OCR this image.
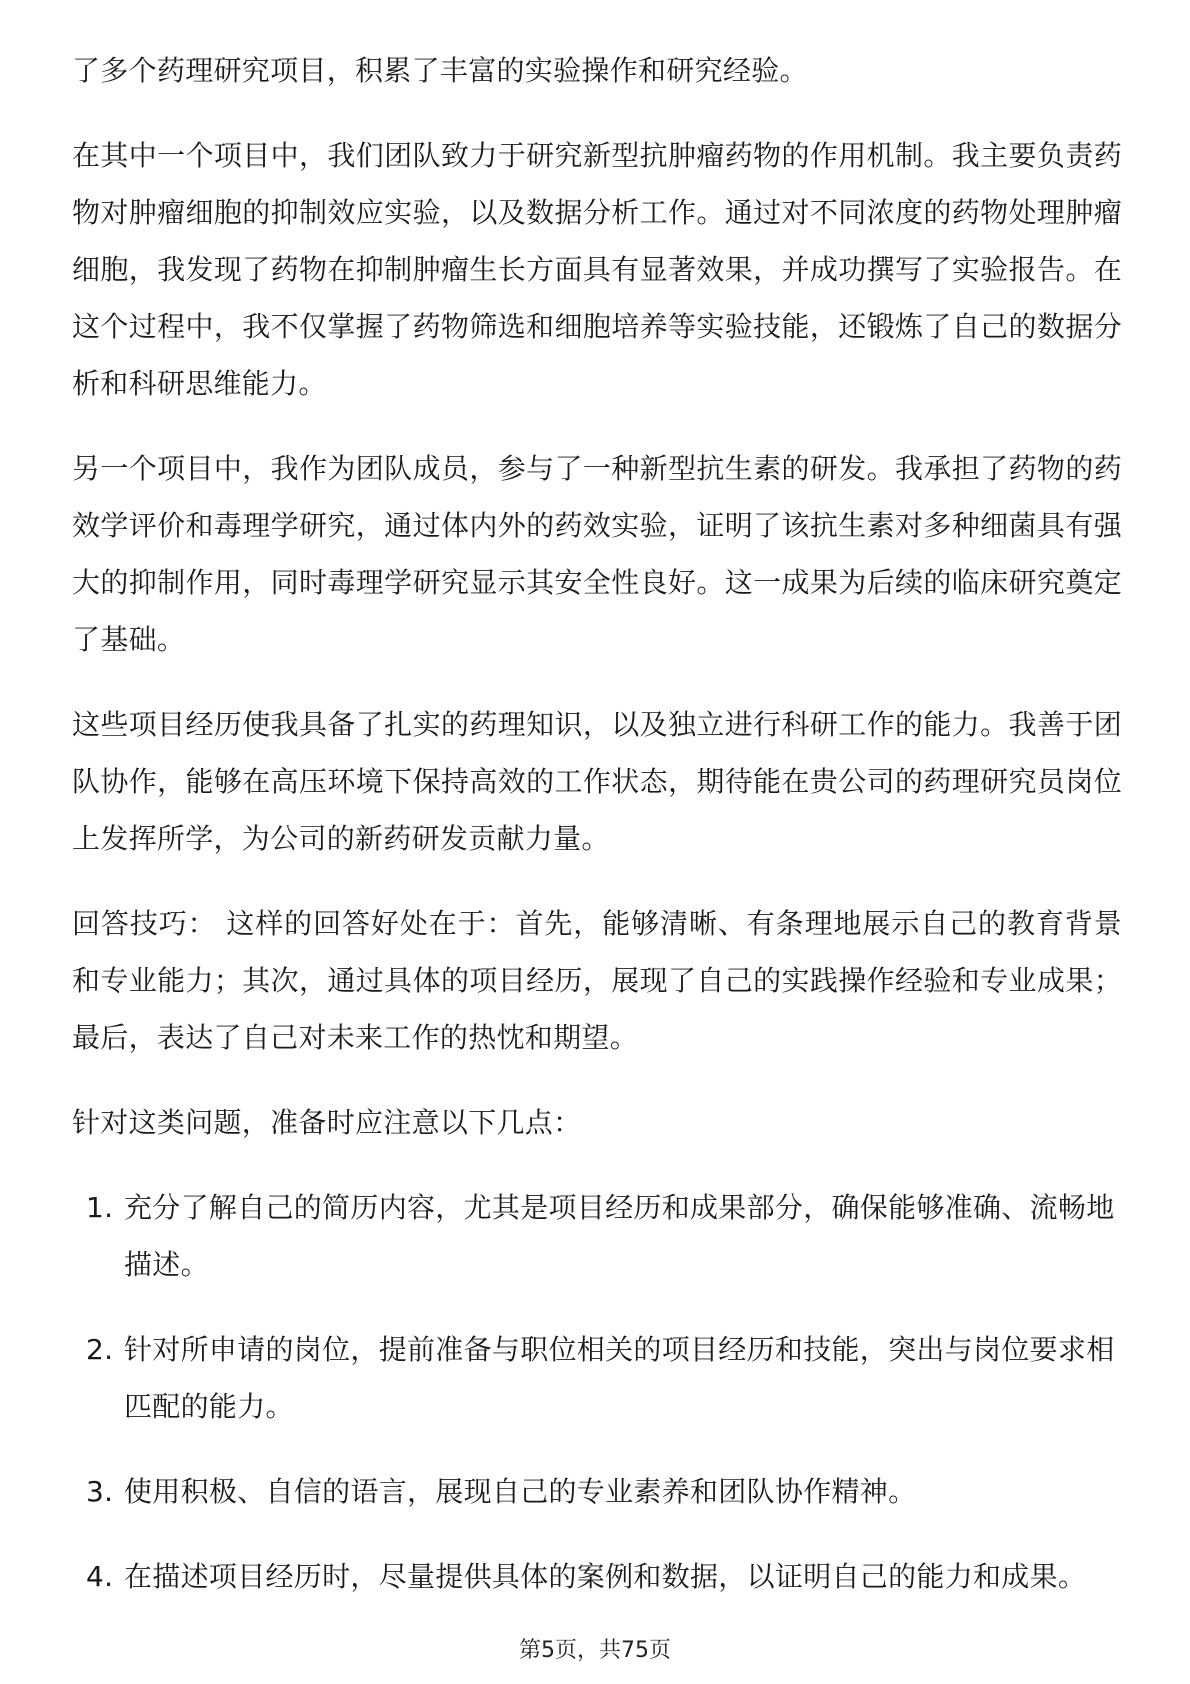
了多个药理研究项目，积累了丰富的实验操作和研究经验。

在其中一个项目中，我们团队致力于研究新型抗肿瘤药物的作用机制。我主要负责药物对肿瘤细胞的抑制效应实验，以及数据分析工作。通过对不同浓度的药物处理肿瘤细胞，我发现了药物在抑制肿瘤生长方面具有显著效果，并成功撰写了实验报告。在这个过程中，我不仅掌握了药物筛选和细胞培养等实验技能，还锻炼了自己的数据分析和科研思维能力。

另一个项目中，我作为团队成员，参与了一种新型抗生素的研发。我承担了药物的药效学评价和毒理学研究，通过体内外的药效实验，证明了该抗生素对多种细菌具有强大的抑制作用，同时毒理学研究显示其安全性良好。这一成果为后续的临床研究奠定了基础。

这些项目经历使我具备了扎实的药理知识，以及独立进行科研工作的能力。我善于团队协作，能够在高压环境下保持高效的工作状态，期待能在贵公司的药理研究员岗位上发挥所学，为公司的新药研发贡献力量。

回答技巧： 这样的回答好处在于：首先，能够清晰、有条理地展示自己的教育背景和专业能力；其次，通过具体的项目经历，展现了自己的实践操作经验和专业成果；最后，表达了自己对未来工作的热忱和期望。

针对这类问题，准备时应注意以下几点：

1. 充分了解自己的简历内容，尤其是项目经历和成果部分，确保能够准确、流畅地描述。
2. 针对所申请的岗位，提前准备与职位相关的项目经历和技能，突出与岗位要求相匹配的能力。
3. 使用积极、自信的语言，展现自己的专业素养和团队协作精神。
4. 在描述项目经历时，尽量提供具体的案例和数据，以证明自己的能力和成果。
第5页，共75页
